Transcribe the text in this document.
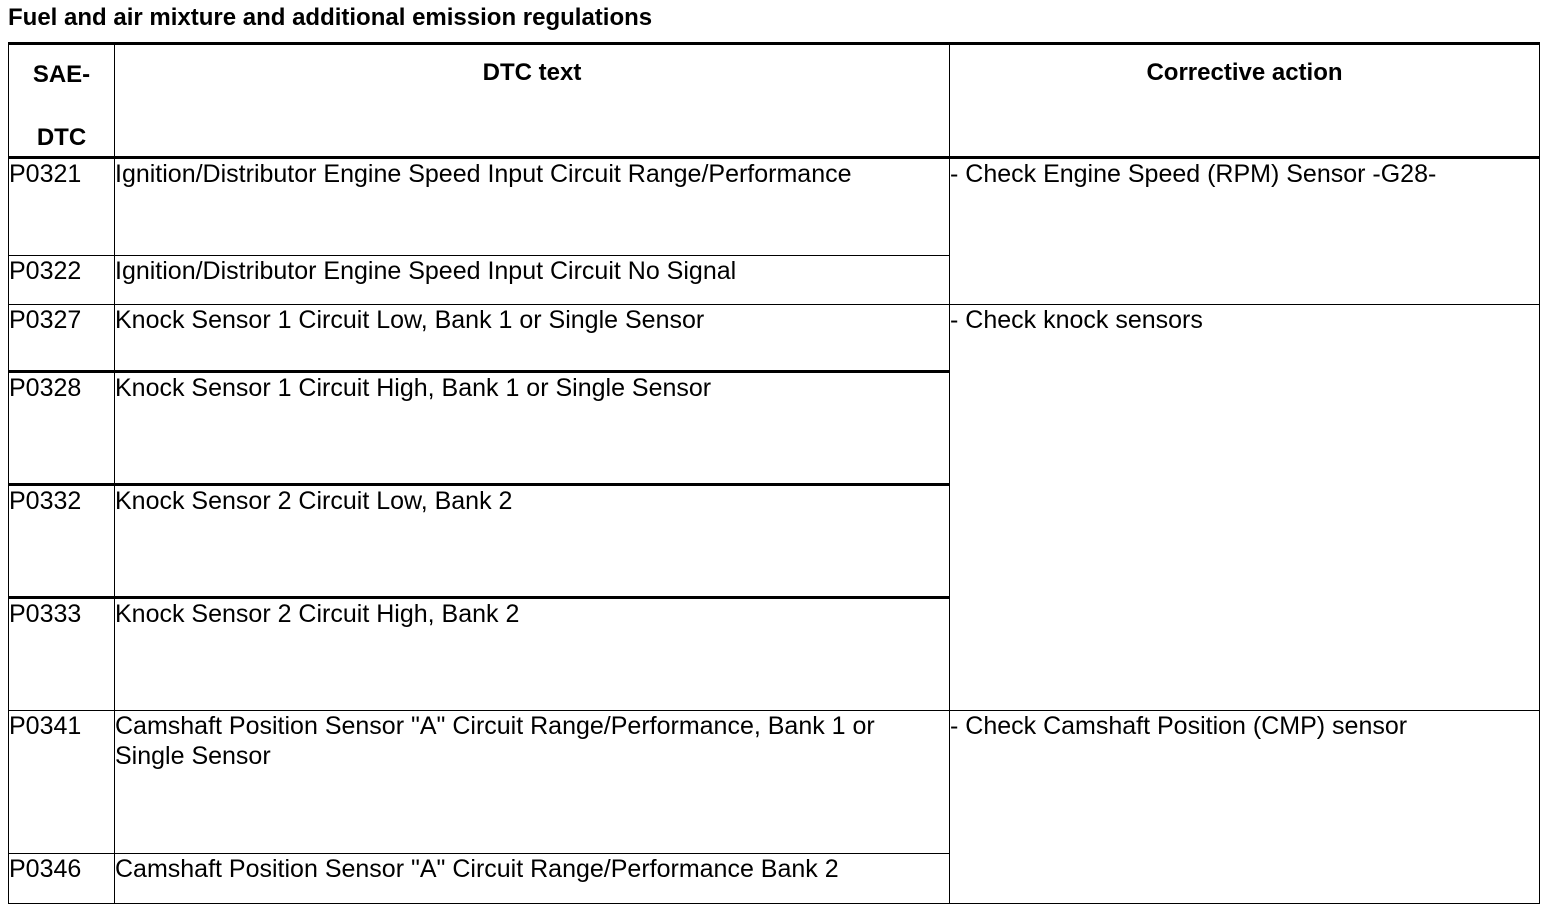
Fuel and air mixture and additional emission regulations
SAE-
DTC	DTC text	Corrective action

P0321	Ignition/Distributor Engine Speed Input Circuit Range/Performance	- Check Engine Speed (RPM) Sensor -G28-
P0322	Ignition/Distributor Engine Speed Input Circuit No Signal	
P0327	Knock Sensor 1 Circuit Low, Bank 1 or Single Sensor	- Check knock sensors
P0328	Knock Sensor 1 Circuit High, Bank 1 or Single Sensor	
P0332	Knock Sensor 2 Circuit Low, Bank 2	
P0333	Knock Sensor 2 Circuit High, Bank 2	
P0341	Camshaft Position Sensor "A" Circuit Range/Performance, Bank 1 or Single Sensor	- Check Camshaft Position (CMP) sensor
P0346	Camshaft Position Sensor "A" Circuit Range/Performance Bank 2	
